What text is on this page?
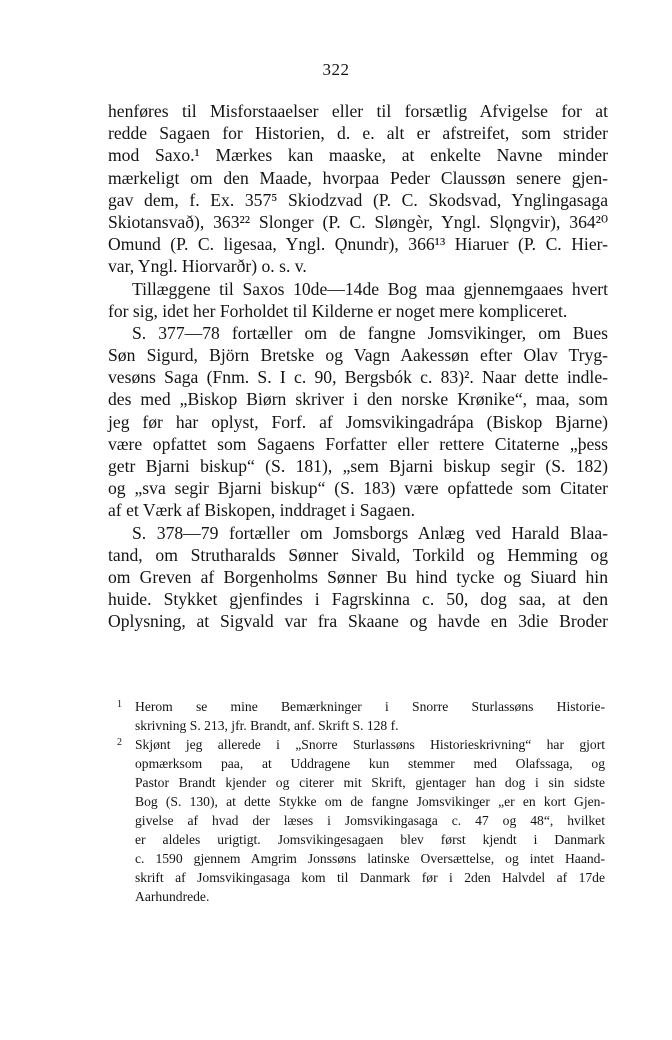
322
henføres til Misforstaaelser eller til forsætlig Afvigelse for at
redde Sagaen for Historien, d. e. alt er afstreifet, som strider
mod Saxo.¹ Mærkes kan maaske, at enkelte Navne minder
mærkeligt om den Maade, hvorpaa Peder Claussøn senere gjen-
gav dem, f. Ex. 357⁵ Skiodzvad (P. C. Skodsvad, Ynglingasaga
Skiotansvað), 363²² Slonger (P. C. Sløngèr, Yngl. Slǫngvir), 364²⁰
Omund (P. C. ligesaa, Yngl. Ǫnundr), 366¹³ Hiaruer (P. C. Hier-
var, Yngl. Hiorvarðr) o. s. v.
Tillæggene til Saxos 10de—14de Bog maa gjennemgaaes hvert
for sig, idet her Forholdet til Kilderne er noget mere kompliceret.
S. 377—78 fortæller om de fangne Jomsvikinger, om Bues
Søn Sigurd, Björn Bretske og Vagn Aakessøn efter Olav Tryg-
vesøns Saga (Fnm. S. I c. 90, Bergsbók c. 83)². Naar dette indle-
des med „Biskop Biørn skriver i den norske Krønike“, maa, som
jeg før har oplyst, Forf. af Jomsvikingadrápa (Biskop Bjarne)
være opfattet som Sagaens Forfatter eller rettere Citaterne „þess
getr Bjarni biskup“ (S. 181), „sem Bjarni biskup segir (S. 182)
og „sva segir Bjarni biskup“ (S. 183) være opfattede som Citater
af et Værk af Biskopen, inddraget i Sagaen.
S. 378—79 fortæller om Jomsborgs Anlæg ved Harald Blaa-
tand, om Strutharalds Sønner Sivald, Torkild og Hemming og
om Greven af Borgenholms Sønner Bu hind tycke og Siuard hin
huide. Stykket gjenfindes i Fagrskinna c. 50, dog saa, at den
Oplysning, at Sigvald var fra Skaane og havde en 3die Broder
1 Herom se mine Bemærkninger i Snorre Sturlassøns Historie-
skrivning S. 213, jfr. Brandt, anf. Skrift S. 128 f.
2 Skjønt jeg allerede i „Snorre Sturlassøns Historieskrivning“ har gjort
opmærksom paa, at Uddragene kun stemmer med Olafssaga, og
Pastor Brandt kjender og citerer mit Skrift, gjentager han dog i sin sidste
Bog (S. 130), at dette Stykke om de fangne Jomsvikinger „er en kort Gjen-
givelse af hvad der læses i Jomsvikingasaga c. 47 og 48“, hvilket
er aldeles urigtigt. Jomsvikingesagaen blev først kjendt i Danmark
c. 1590 gjennem Amgrim Jonssøns latinske Oversættelse, og intet Haand-
skrift af Jomsvikingasaga kom til Danmark før i 2den Halvdel af 17de
Aarhundrede.
